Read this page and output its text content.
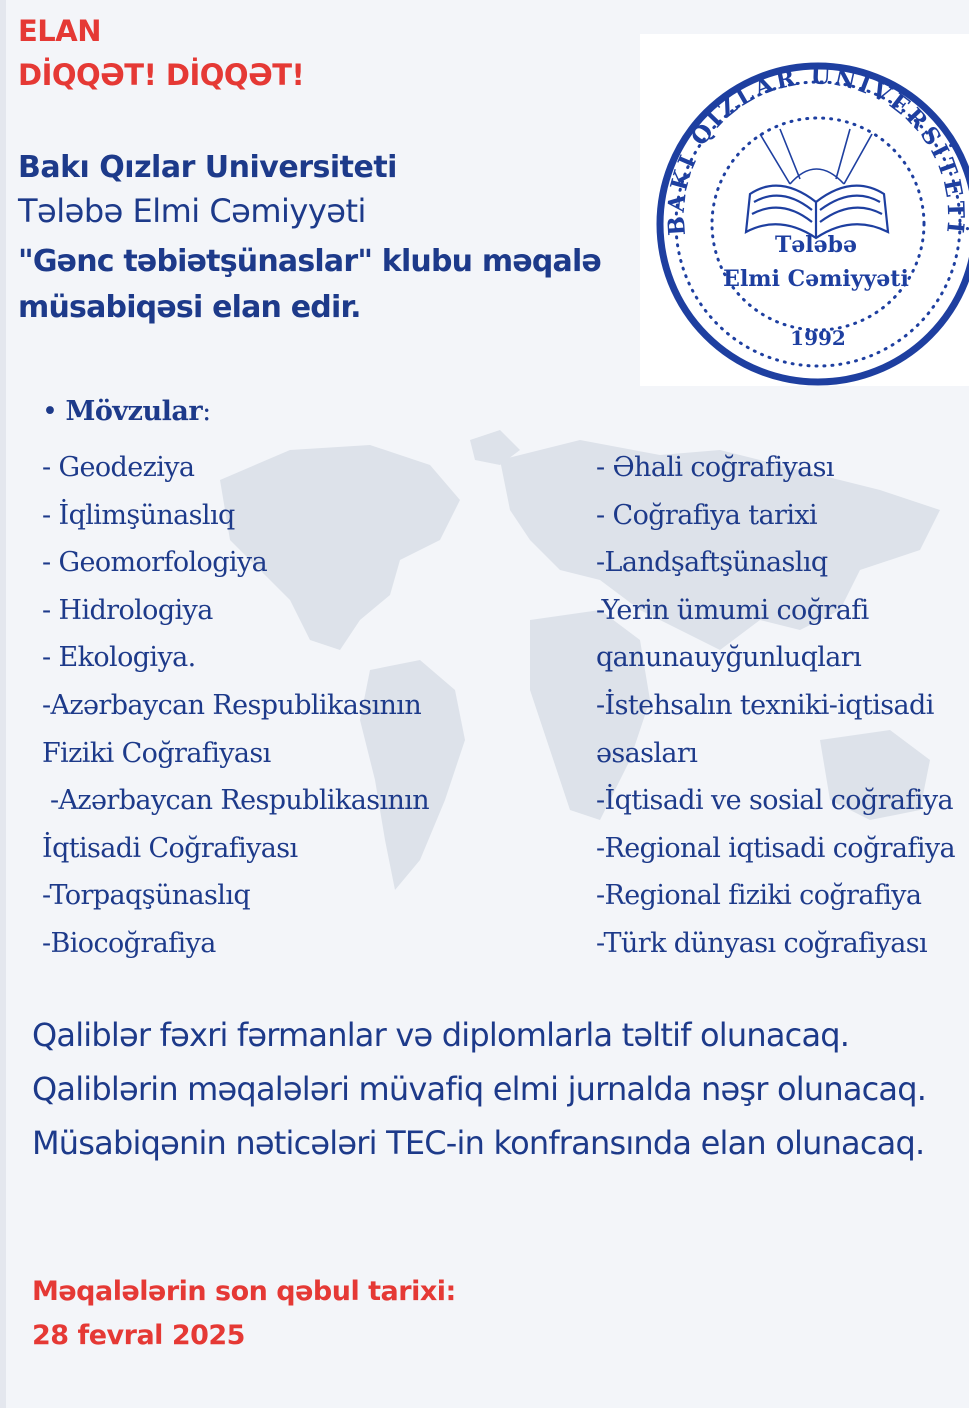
ELAN
DİQQƏT! DİQQƏT!
Bakı Qızlar Universiteti
Tələbə Elmi Cəmiyyəti
"Gənc təbiətşünaslar" klubu məqalə
müsabiqəsi elan edir.
BAKI QIZLAR UNİVERSİTETİ
Tələbə
Elmi Cəmiyyəti
1992
• Mövzular:
- Geodeziya
- İqlimşünaslıq
- Geomorfologiya
- Hidrologiya
- Ekologiya.
-Azərbaycan Respublikasının
Fiziki Coğrafiyası
-Azərbaycan Respublikasının
İqtisadi Coğrafiyası
-Torpaqşünaslıq
-Biocoğrafiya
- Əhali coğrafiyası
- Coğrafiya tarixi
-Landşaftşünaslıq
-Yerin ümumi coğrafi
qanunauyğunluqları
-İstehsalın texniki-iqtisadi
əsasları
-İqtisadi ve sosial coğrafiya
-Regional iqtisadi coğrafiya
-Regional fiziki coğrafiya
-Türk dünyası coğrafiyası
Qaliblər fəxri fərmanlar və diplomlarla təltif olunacaq.
Qaliblərin məqalələri müvafiq elmi jurnalda nəşr olunacaq.
Müsabiqənin nəticələri TEC-in konfransında elan olunacaq.
Məqalələrin son qəbul tarixi:
28 fevral 2025
